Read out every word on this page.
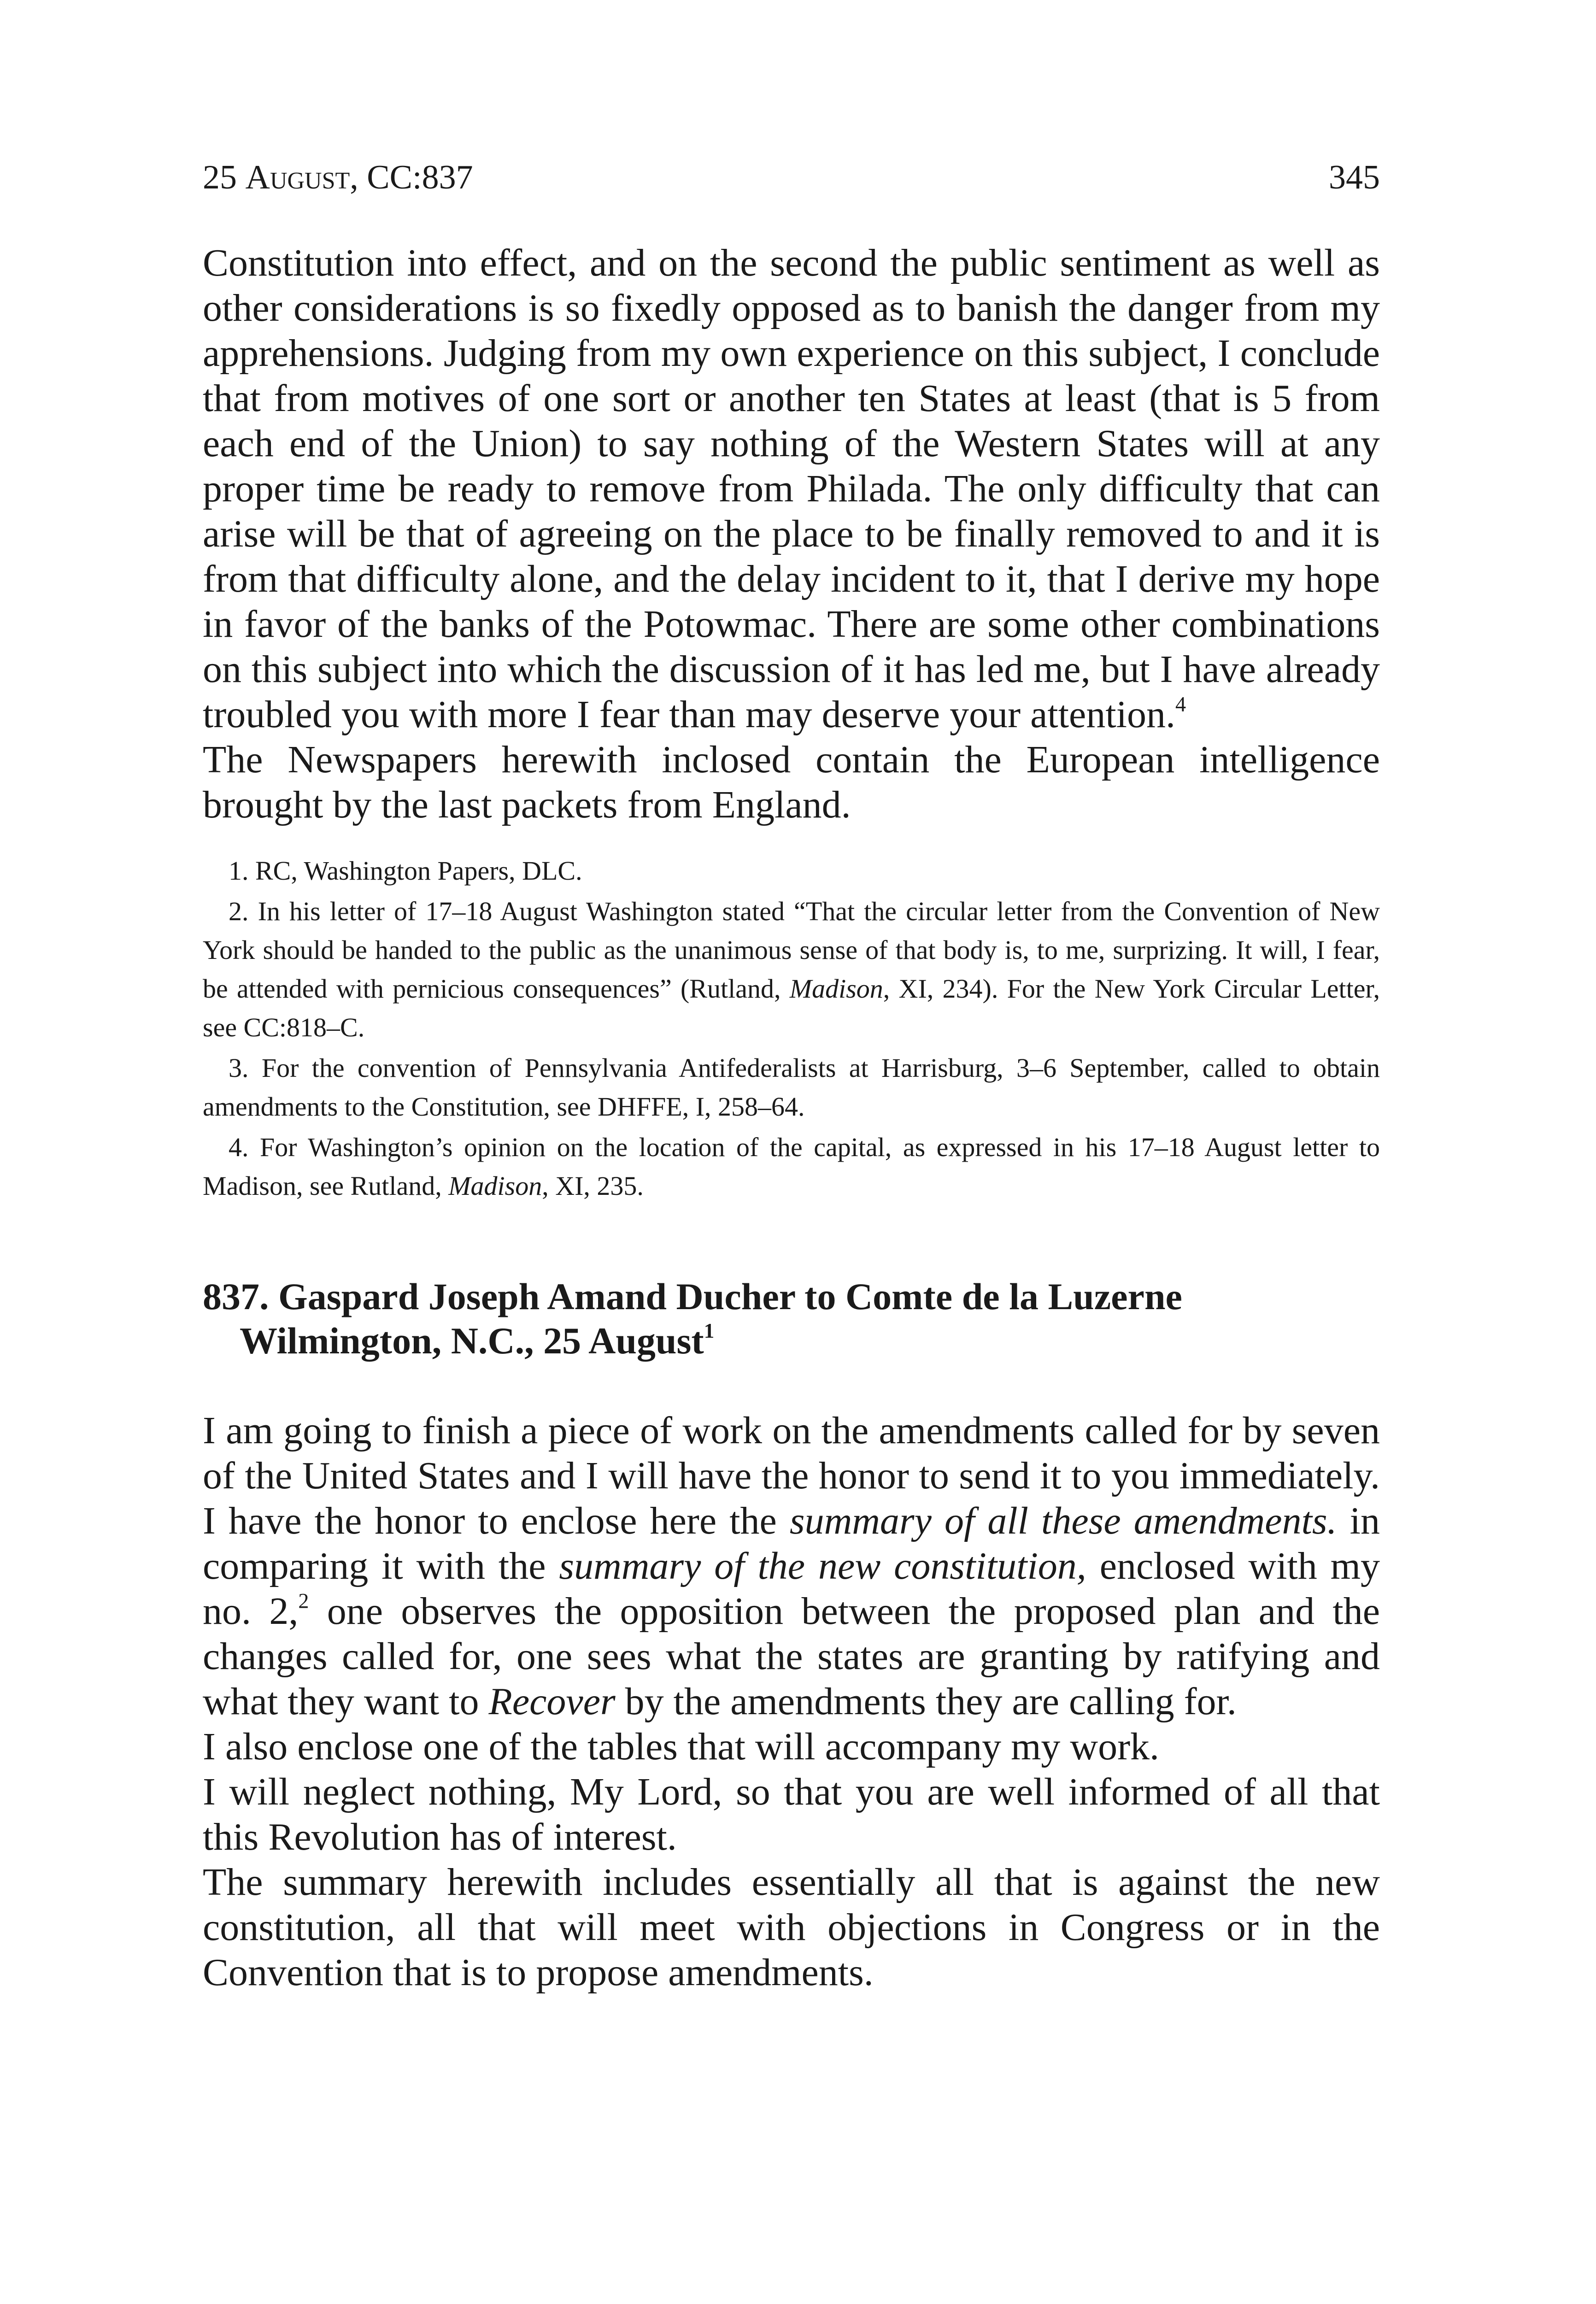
25 August, CC:837	345

Constitution into effect, and on the second the public sentiment as well as other considerations is so fixedly opposed as to banish the danger from my apprehensions. Judging from my own experience on this subject, I conclude that from motives of one sort or another ten States at least (that is 5 from each end of the Union) to say nothing of the Western States will at any proper time be ready to remove from Philada. The only difficulty that can arise will be that of agreeing on the place to be finally removed to and it is from that difficulty alone, and the delay incident to it, that I derive my hope in favor of the banks of the Potowmac. There are some other combinations on this subject into which the discussion of it has led me, but I have already troubled you with more I fear than may deserve your attention.$^4$

The Newspapers herewith inclosed contain the European intelligence brought by the last packets from England.

1. RC, Washington Papers, DLC.

2. In his letter of 17–18 August Washington stated “That the circular letter from the Convention of New York should be handed to the public as the unanimous sense of that body is, to me, surprizing. It will, I fear, be attended with pernicious consequences” (Rutland, Madison, XI, 234). For the New York Circular Letter, see CC:818–C.

3. For the convention of Pennsylvania Antifederalists at Harrisburg, 3–6 September, called to obtain amendments to the Constitution, see DHFFE, I, 258–64.

4. For Washington’s opinion on the location of the capital, as expressed in his 17–18 August letter to Madison, see Rutland, Madison, XI, 235.

837. Gaspard Joseph Amand Ducher to Comte de la Luzerne
Wilmington, N.C., 25 August$^1$

I am going to finish a piece of work on the amendments called for by seven of the United States and I will have the honor to send it to you immediately. I have the honor to enclose here the summary of all these amendments. in comparing it with the summary of the new constitution, enclosed with my no. 2,$^2$ one observes the opposition between the proposed plan and the changes called for, one sees what the states are granting by ratifying and what they want to Recover by the amendments they are calling for.

I also enclose one of the tables that will accompany my work.

I will neglect nothing, My Lord, so that you are well informed of all that this Revolution has of interest.

The summary herewith includes essentially all that is against the new constitution, all that will meet with objections in Congress or in the Convention that is to propose amendments.
